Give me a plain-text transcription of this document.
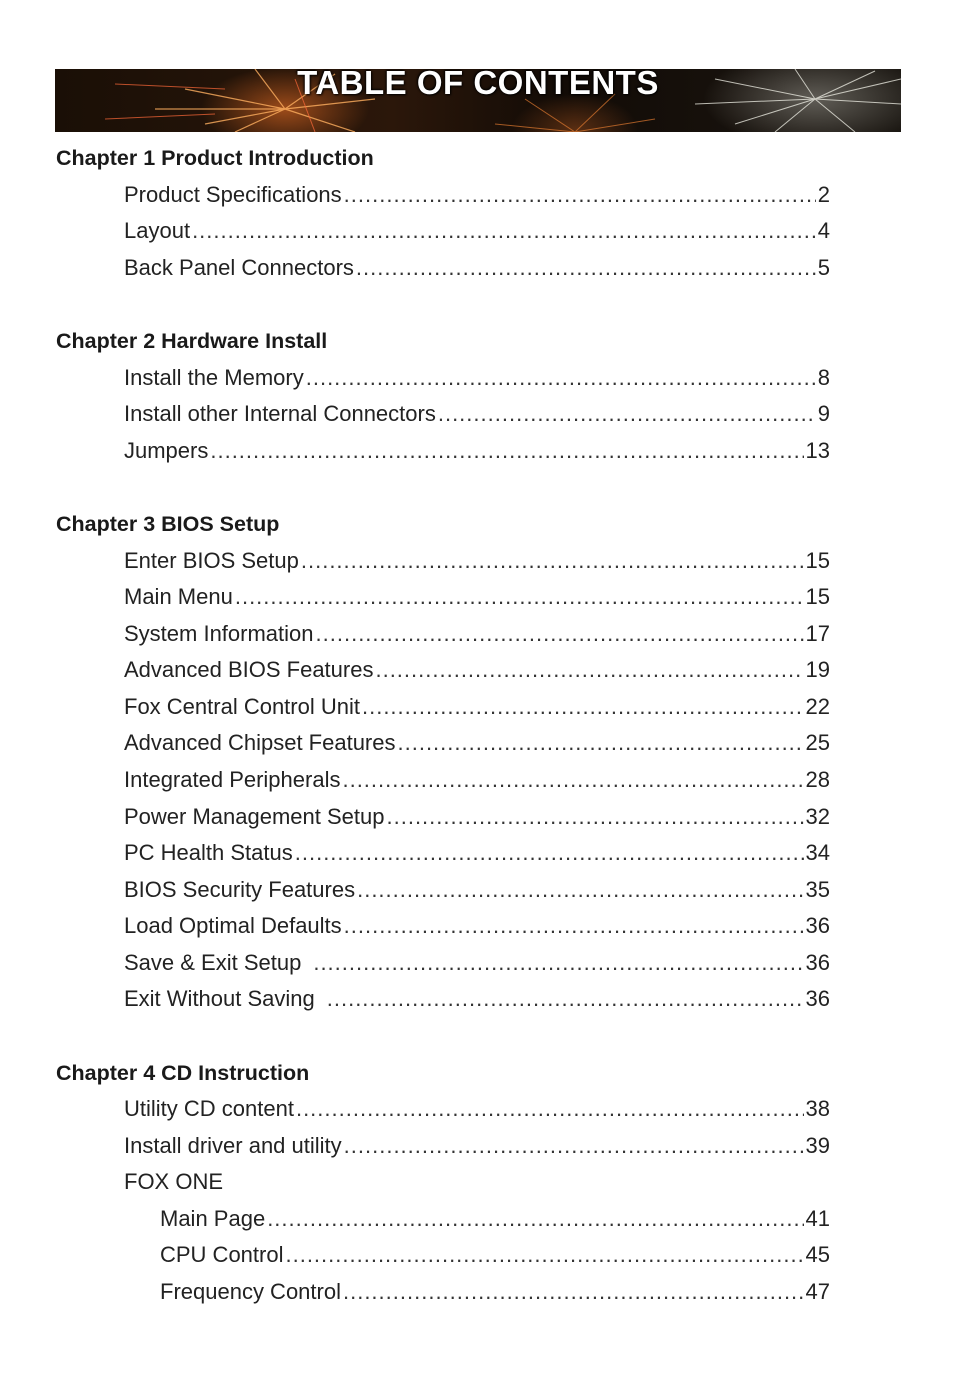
TABLE OF CONTENTS
Chapter 1 Product Introduction
Product Specifications .....	2
Layout .....	4
Back Panel Connectors .....	5
Chapter 2 Hardware Install
Install the Memory .....	8
Install other Internal Connectors .....	9
Jumpers .....	13
Chapter 3 BIOS Setup
Enter BIOS Setup .....	15
Main Menu .....	15
System Information .....	17
Advanced BIOS Features .....	19
Fox Central Control Unit .....	22
Advanced Chipset Features .....	25
Integrated Peripherals .....	28
Power Management Setup .....	32
PC Health Status .....	34
BIOS Security Features .....	35
Load Optimal Defaults .....	36
Save & Exit Setup .....	36
Exit Without Saving .....	36
Chapter 4 CD Instruction
Utility CD content .....	38
Install driver and utility .....	39
FOX ONE
Main Page .....	41
CPU Control .....	45
Frequency Control .....	47
